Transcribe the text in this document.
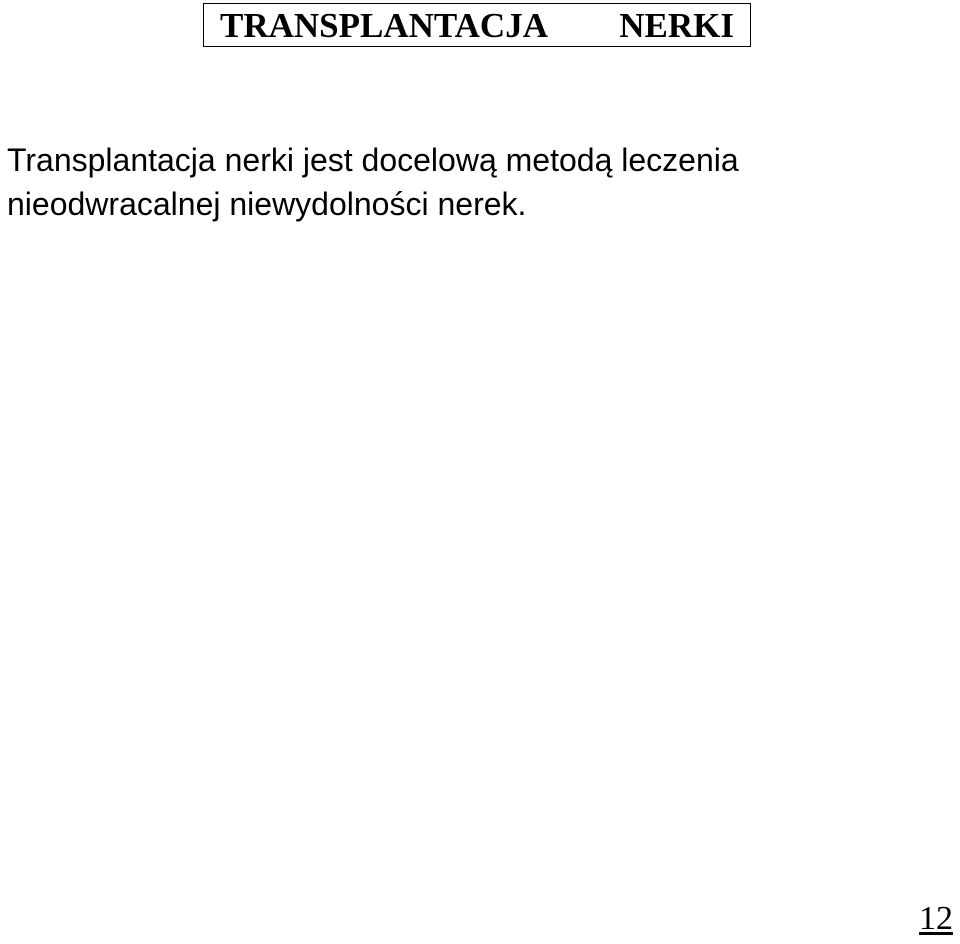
TRANSPLANTACJA NERKI

Transplantacja nerki jest docelową metodą leczenia
nieodwracalnej niewydolności nerek.

12
